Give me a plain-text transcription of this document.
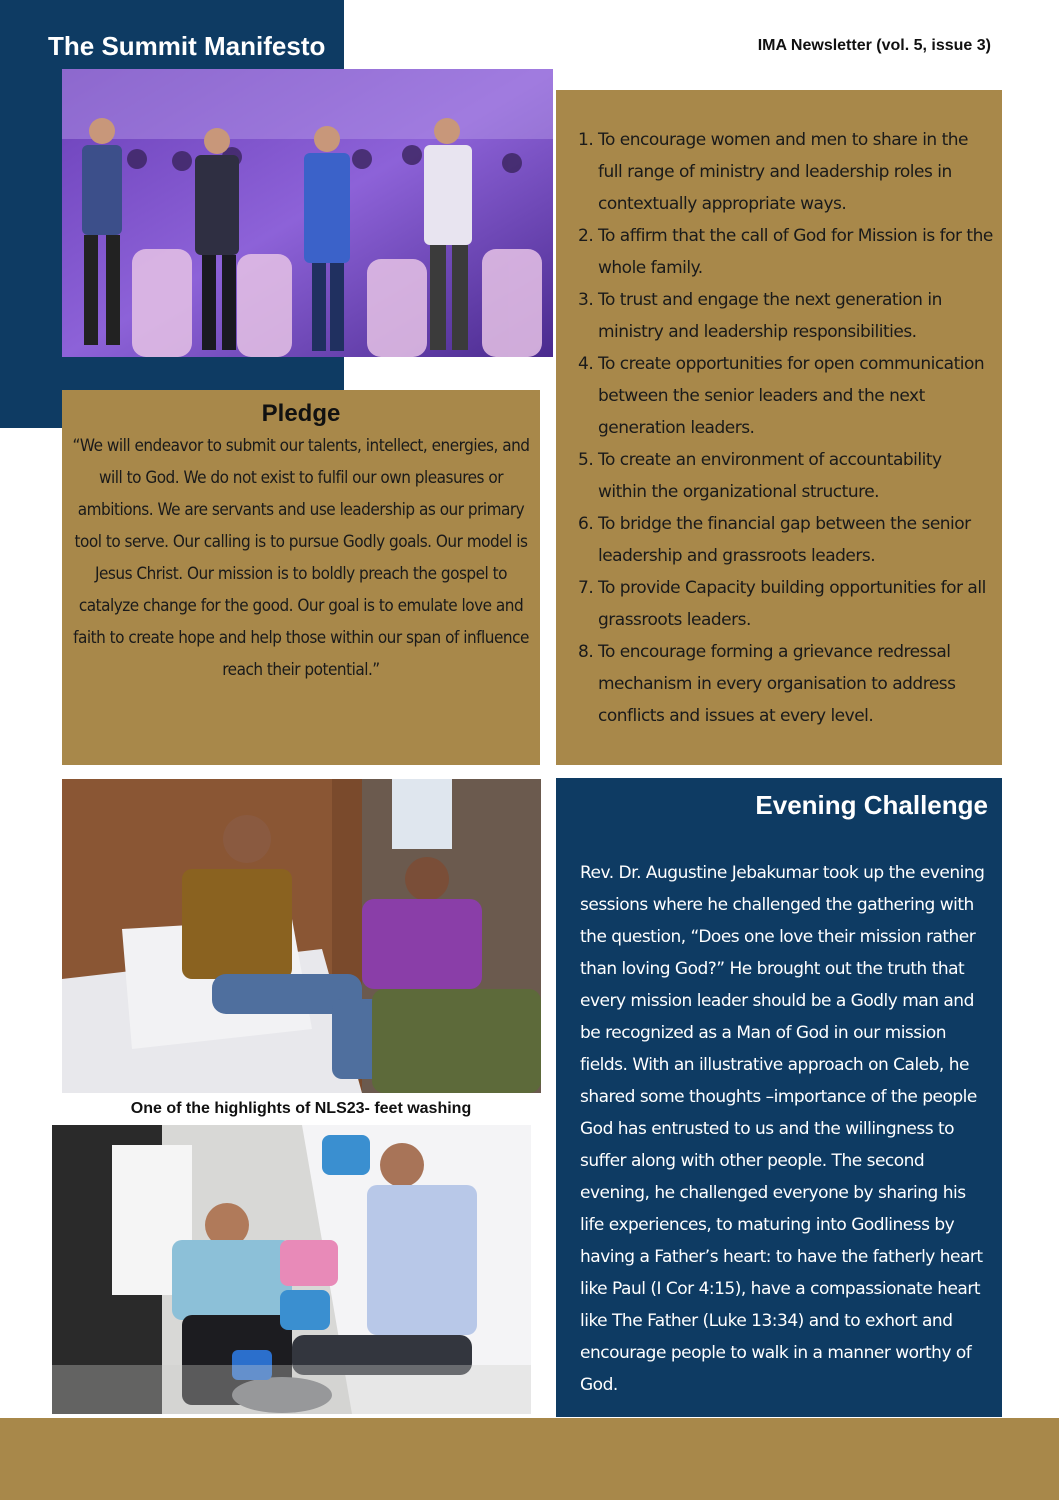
The Summit Manifesto	IMA Newsletter (vol. 5, issue 3)

Pledge

“We will endeavor to submit our talents, intellect, energies, and will to God. We do not exist to fulfil our own pleasures or ambitions. We are servants and use leadership as our primary tool to serve. Our calling is to pursue Godly goals. Our model is Jesus Christ. Our mission is to boldly preach the gospel to catalyze change for the good. Our goal is to emulate love and faith to create hope and help those within our span of influence reach their potential.”

1. To encourage women and men to share in the full range of ministry and leadership roles in contextually appropriate ways.
2. To affirm that the call of God for Mission is for the whole family.
3. To trust and engage the next generation in ministry and leadership responsibilities.
4. To create opportunities for open communication between the senior leaders and the next generation leaders.
5. To create an environment of accountability within the organizational structure.
6. To bridge the financial gap between the senior leadership and grassroots leaders.
7. To provide Capacity building opportunities for all grassroots leaders.
8. To encourage forming a grievance redressal mechanism in every organisation to address conflicts and issues at every level.

One of the highlights of NLS23- feet washing

Evening Challenge

Rev. Dr. Augustine Jebakumar took up the evening sessions where he challenged the gathering with the question, “Does one love their mission rather than loving God?” He brought out the truth that every mission leader should be a Godly man and be recognized as a Man of God in our mission fields. With an illustrative approach on Caleb, he shared some thoughts –importance of the people God has entrusted to us and the willingness to suffer along with other people. The second evening, he challenged everyone by sharing his life experiences, to maturing into Godliness by having a Father’s heart: to have the fatherly heart like Paul (I Cor 4:15), have a compassionate heart like The Father (Luke 13:34) and to exhort and encourage people to walk in a manner worthy of God.
